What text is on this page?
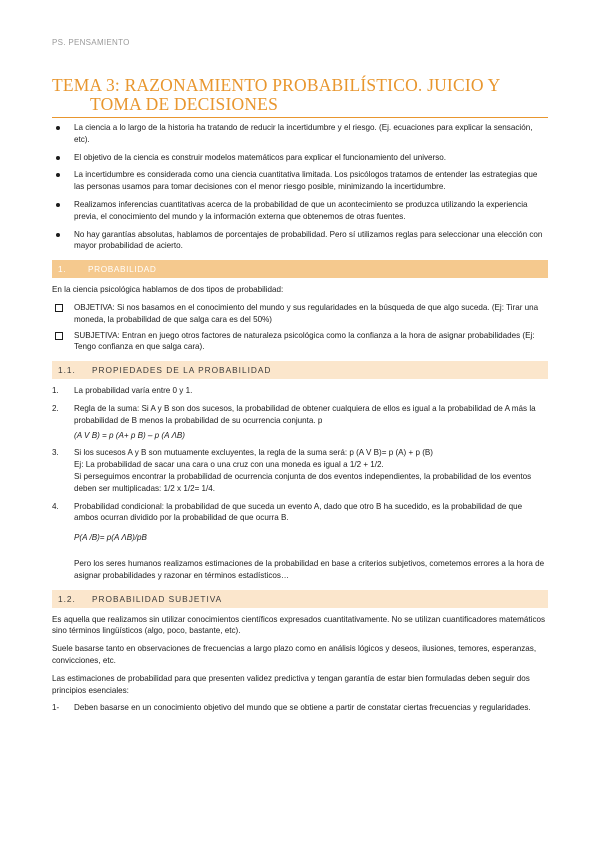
PS. PENSAMIENTO
TEMA 3: RAZONAMIENTO PROBABILÍSTICO. JUICIO Y
TOMA DE DECISIONES
La ciencia a lo largo de la historia ha tratando de reducir la incertidumbre y el riesgo. (Ej. ecuaciones para explicar la sensación, etc).
El objetivo de la ciencia es construir modelos matemáticos para explicar el funcionamiento del universo.
La incertidumbre es considerada como una ciencia cuantitativa limitada. Los psicólogos tratamos de entender las estrategias que las personas usamos para tomar decisiones con el menor riesgo posible, minimizando la incertidumbre.
Realizamos inferencias cuantitativas acerca de la probabilidad de que un acontecimiento se produzca utilizando la experiencia previa, el conocimiento del mundo y la información externa que obtenemos de otras fuentes.
No hay garantías absolutas, hablamos de porcentajes de probabilidad. Pero sí utilizamos reglas para seleccionar una elección con mayor probabilidad de acierto.
1.	PROBABILIDAD

En la ciencia psicológica hablamos de dos tipos de probabilidad:

OBJETIVA: Si nos basamos en el conocimiento del mundo y sus regularidades en la búsqueda de que algo suceda. (Ej: Tirar una moneda, la probabilidad de que salga cara es del 50%)
SUBJETIVA: Entran en juego otros factores de naturaleza psicológica como la confianza a la hora de asignar probabilidades (Ej: Tengo confianza en que salga cara).
1.1. PROPIEDADES DE LA PROBABILIDAD
1. La probabilidad varía entre 0 y 1.
2. Regla de la suma: Si A y B son dos sucesos, la probabilidad de obtener cualquiera de ellos es igual a la probabilidad de A más la probabilidad de B menos la probabilidad de su ocurrencia conjunta. p
(A V B) = p (A+ p B) – p (A ΛB)
3. Si los sucesos A y B son mutuamente excluyentes, la regla de la suma será: p (A V B)= p (A) + p (B)
Ej: La probabilidad de sacar una cara o una cruz con una moneda es igual a 1/2 + 1/2.
Si perseguimos encontrar la probabilidad de ocurrencia conjunta de dos eventos independientes, la probabilidad de los eventos deben ser multiplicadas: 1/2 x 1/2= 1/4.
4. Probabilidad condicional: la probabilidad de que suceda un evento A, dado que otro B ha sucedido, es la probabilidad de que ambos ocurran dividido por la probabilidad de que ocurra B.
P(A /B)= p(A ΛB)/pB

Pero los seres humanos realizamos estimaciones de la probabilidad en base a criterios subjetivos, cometemos errores a la hora de asignar probabilidades y razonar en términos estadísticos…

1.2. PROBABILIDAD SUBJETIVA

Es aquella que realizamos sin utilizar conocimientos científicos expresados cuantitativamente. No se utilizan cuantificadores matemáticos sino términos lingüísticos (algo, poco, bastante, etc).

Suele basarse tanto en observaciones de frecuencias a largo plazo como en análisis lógicos y deseos, ilusiones, temores, esperanzas, convicciones, etc.

Las estimaciones de probabilidad para que presenten validez predictiva y tengan garantía de estar bien formuladas deben seguir dos principios esenciales:

1- Deben basarse en un conocimiento objetivo del mundo que se obtiene a partir de constatar ciertas frecuencias y regularidades.
